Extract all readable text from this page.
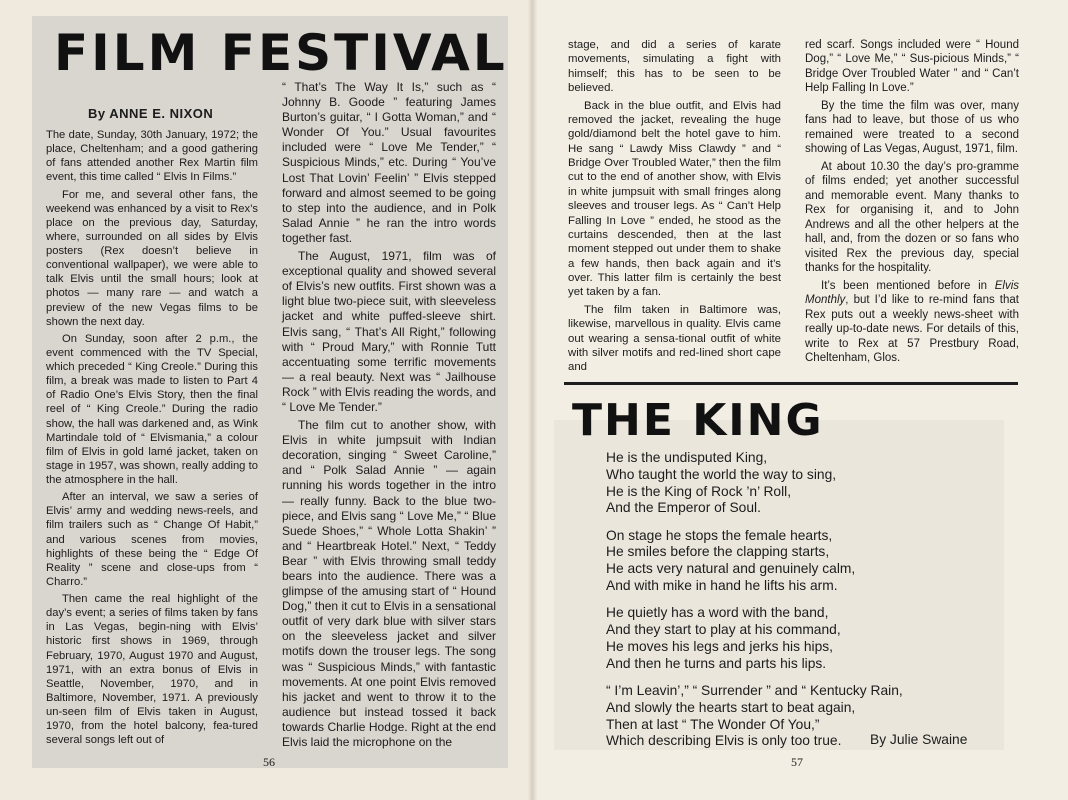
FILM FESTIVAL
By ANNE E. NIXON

The date, Sunday, 30th January, 1972; the place, Cheltenham; and a good gathering of fans attended another Rex Martin film event, this time called “ Elvis In Films.”

For me, and several other fans, the weekend was enhanced by a visit to Rex’s place on the previous day, Saturday, where, surrounded on all sides by Elvis posters (Rex doesn’t believe in conventional wallpaper), we were able to talk Elvis until the small hours; look at photos — many rare — and watch a preview of the new Vegas films to be shown the next day.

On Sunday, soon after 2 p.m., the event commenced with the TV Special, which preceded “ King Creole.” During this film, a break was made to listen to Part 4 of Radio One’s Elvis Story, then the final reel of “ King Creole.” During the radio show, the hall was darkened and, as Wink Martindale told of “ Elvismania,” a colour film of Elvis in gold lamé jacket, taken on stage in 1957, was shown, really adding to the atmosphere in the hall.

After an interval, we saw a series of Elvis’ army and wedding news-reels, and film trailers such as “ Change Of Habit,” and various scenes from movies, highlights of these being the “ Edge Of Reality ” scene and close-ups from “ Charro.”

Then came the real highlight of the day’s event; a series of films taken by fans in Las Vegas, begin-ning with Elvis’ historic first shows in 1969, through February, 1970, August 1970 and August, 1971, with an extra bonus of Elvis in Seattle, November, 1970, and in Baltimore, November, 1971. A previously un-seen film of Elvis taken in August, 1970, from the hotel balcony, fea-tured several songs left out of

“ That’s The Way It Is,” such as “ Johnny B. Goode ” featuring James Burton’s guitar, “ I Gotta Woman,” and “ Wonder Of You.” Usual favourites included were “ Love Me Tender,” “ Suspicious Minds,” etc. During “ You’ve Lost That Lovin’ Feelin’ ” Elvis stepped forward and almost seemed to be going to step into the audience, and in Polk Salad Annie ” he ran the intro words together fast.

The August, 1971, film was of exceptional quality and showed several of Elvis’s new outfits. First shown was a light blue two-piece suit, with sleeveless jacket and white puffed-sleeve shirt. Elvis sang, “ That’s All Right,” following with “ Proud Mary,” with Ronnie Tutt accentuating some terrific movements — a real beauty. Next was “ Jailhouse Rock ” with Elvis reading the words, and “ Love Me Tender.”

The film cut to another show, with Elvis in white jumpsuit with Indian decoration, singing “ Sweet Caroline,” and “ Polk Salad Annie ” — again running his words together in the intro — really funny. Back to the blue two-piece, and Elvis sang “ Love Me,” “ Blue Suede Shoes,” “ Whole Lotta Shakin’ ” and “ Heartbreak Hotel.” Next, “ Teddy Bear ” with Elvis throwing small teddy bears into the audience. There was a glimpse of the amusing start of “ Hound Dog,” then it cut to Elvis in a sensational outfit of very dark blue with silver stars on the sleeveless jacket and silver motifs down the trouser legs. The song was “ Suspicious Minds,” with fantastic movements. At one point Elvis removed his jacket and went to throw it to the audience but instead tossed it back towards Charlie Hodge. Right at the end Elvis laid the microphone on the

56

stage, and did a series of karate movements, simulating a fight with himself; this has to be seen to be believed.

Back in the blue outfit, and Elvis had removed the jacket, revealing the huge gold/diamond belt the hotel gave to him. He sang “ Lawdy Miss Clawdy ” and “ Bridge Over Troubled Water,” then the film cut to the end of another show, with Elvis in white jumpsuit with small fringes along sleeves and trouser legs. As “ Can’t Help Falling In Love ” ended, he stood as the curtains descended, then at the last moment stepped out under them to shake a few hands, then back again and it’s over. This latter film is certainly the best yet taken by a fan.

The film taken in Baltimore was, likewise, marvellous in quality. Elvis came out wearing a sensa-tional outfit of white with silver motifs and red-lined short cape and

red scarf. Songs included were “ Hound Dog,” “ Love Me,” “ Sus-picious Minds,” “ Bridge Over Troubled Water ” and “ Can’t Help Falling In Love.”

By the time the film was over, many fans had to leave, but those of us who remained were treated to a second showing of Las Vegas, August, 1971, film.

At about 10.30 the day’s pro-gramme of films ended; yet another successful and memorable event. Many thanks to Rex for organising it, and to John Andrews and all the other helpers at the hall, and, from the dozen or so fans who visited Rex the previous day, special thanks for the hospitality.

It’s been mentioned before in Elvis Monthly, but I’d like to re-mind fans that Rex puts out a weekly news-sheet with really up-to-date news. For details of this, write to Rex at 57 Prestbury Road, Cheltenham, Glos.

THE KING
He is the undisputed King,
Who taught the world the way to sing,
He is the King of Rock ’n’ Roll,
And the Emperor of Soul.
On stage he stops the female hearts,
He smiles before the clapping starts,
He acts very natural and genuinely calm,
And with mike in hand he lifts his arm.
He quietly has a word with the band,
And they start to play at his command,
He moves his legs and jerks his hips,
And then he turns and parts his lips.
“ I’m Leavin’,” “ Surrender ” and “ Kentucky Rain,
And slowly the hearts start to beat again,
Then at last “ The Wonder Of You,”
Which describing Elvis is only too true.	By Julie Swaine
57
